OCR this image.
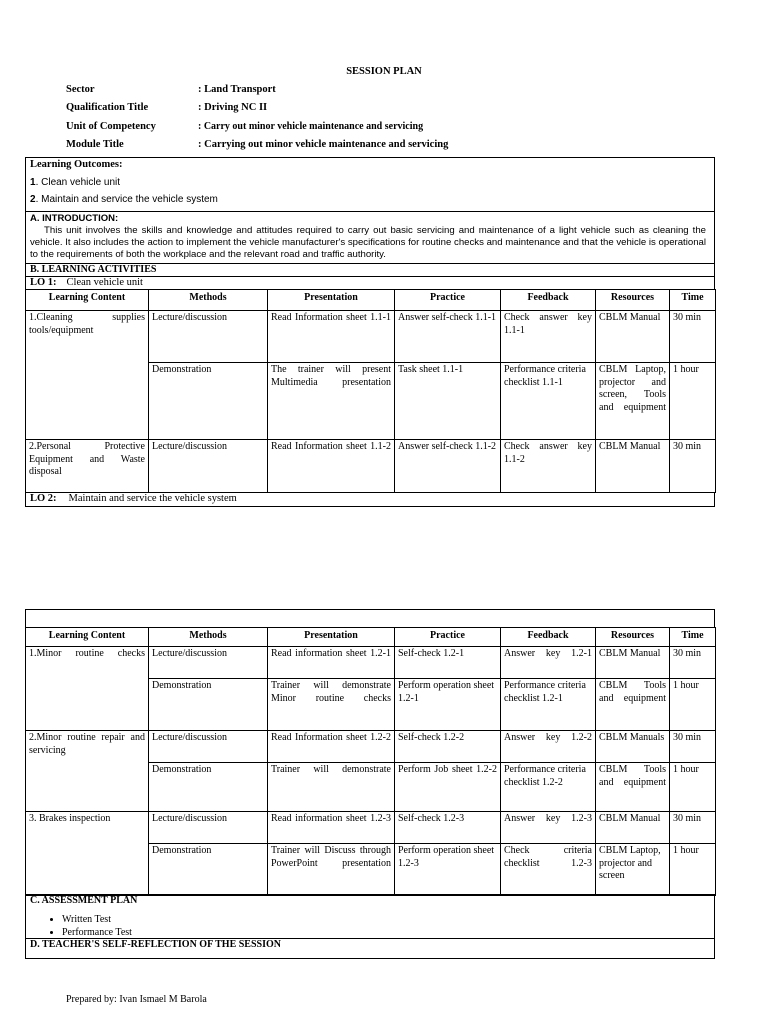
SESSION PLAN
Sector	: Land Transport
Qualification Title	: Driving NC II
Unit of Competency	: Carry out minor vehicle maintenance and servicing
Module Title	: Carrying out minor vehicle maintenance and servicing
Learning Outcomes:
1. Clean vehicle unit
2. Maintain and service the vehicle system
A. INTRODUCTION:
This unit involves the skills and knowledge and attitudes required to carry out basic servicing and maintenance of a light vehicle such as cleaning the vehicle. It also includes the action to implement the vehicle manufacturer's specifications for routine checks and maintenance and that the vehicle is operational to the requirements of both the workplace and the relevant road and traffic authority.
B. LEARNING ACTIVITIES
LO 1: Clean vehicle unit
Learning Content	Methods	Presentation	Practice	Feedback	Resources	Time
1.Cleaning supplies tools/equipment	Lecture/discussion	Read Information sheet 1.1-1	Answer self-check 1.1-1	Check answer key 1.1-1	CBLM Manual	30 min
	Demonstration	The trainer will present Multimedia presentation	Task sheet 1.1-1	Performance criteria checklist 1.1-1	CBLM Laptop, projector and screen, Tools and equipment	1 hour
2.Personal Protective Equipment and Waste disposal	Lecture/discussion	Read Information sheet 1.1-2	Answer self-check 1.1-2	Check answer key 1.1-2	CBLM Manual	30 min
LO 2: Maintain and service the vehicle system
Learning Content	Methods	Presentation	Practice	Feedback	Resources	Time
1.Minor routine checks	Lecture/discussion	Read information sheet 1.2-1	Self-check 1.2-1	Answer key 1.2-1	CBLM Manual	30 min
	Demonstration	Trainer will demonstrate Minor routine checks	Perform operation sheet 1.2-1	Performance criteria checklist 1.2-1	CBLM Tools and equipment	1 hour
2.Minor routine repair and servicing	Lecture/discussion	Read Information sheet 1.2-2	Self-check 1.2-2	Answer key 1.2-2	CBLM Manuals	30 min
	Demonstration	Trainer will demonstrate	Perform Job sheet 1.2-2	Performance criteria checklist 1.2-2	CBLM Tools and equipment	1 hour
3. Brakes inspection	Lecture/discussion	Read information sheet 1.2-3	Self-check 1.2-3	Answer key 1.2-3	CBLM Manual	30 min
	Demonstration	Trainer will Discuss through PowerPoint presentation	Perform operation sheet 1.2-3	Check criteria checklist 1.2-3	CBLM Laptop, projector and screen	1 hour
C. ASSESSMENT PLAN
• Written Test
• Performance Test
D. TEACHER'S SELF-REFLECTION OF THE SESSION
Prepared by: Ivan Ismael M Barola
